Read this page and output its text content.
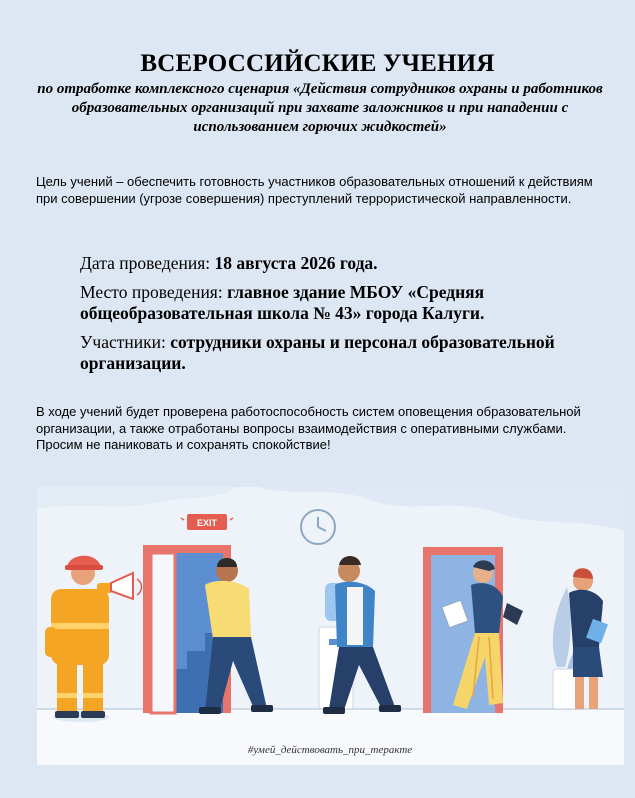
ВСЕРОССИЙСКИЕ УЧЕНИЯ
по отработке комплексного сценария «Действия сотрудников охраны и работников образовательных организаций при захвате заложников и при нападении с использованием горючих жидкостей»
Цель учений – обеспечить готовность участников образовательных отношений к действиям при совершении (угрозе совершения) преступлений террористической направленности.
Дата проведения: 18 августа 2026 года.
Место проведения: главное здание МБОУ «Средняя общеобразовательная школа № 43» города Калуги.
Участники: сотрудники охраны и персонал образовательной организации.
В ходе учений будет проверена работоспособность систем оповещения образовательной организации, а также отработаны вопросы взаимодействия с оперативными службами. Просим не паниковать и сохранять спокойствие!
EXIT
#умей_действовать_при_теракте
